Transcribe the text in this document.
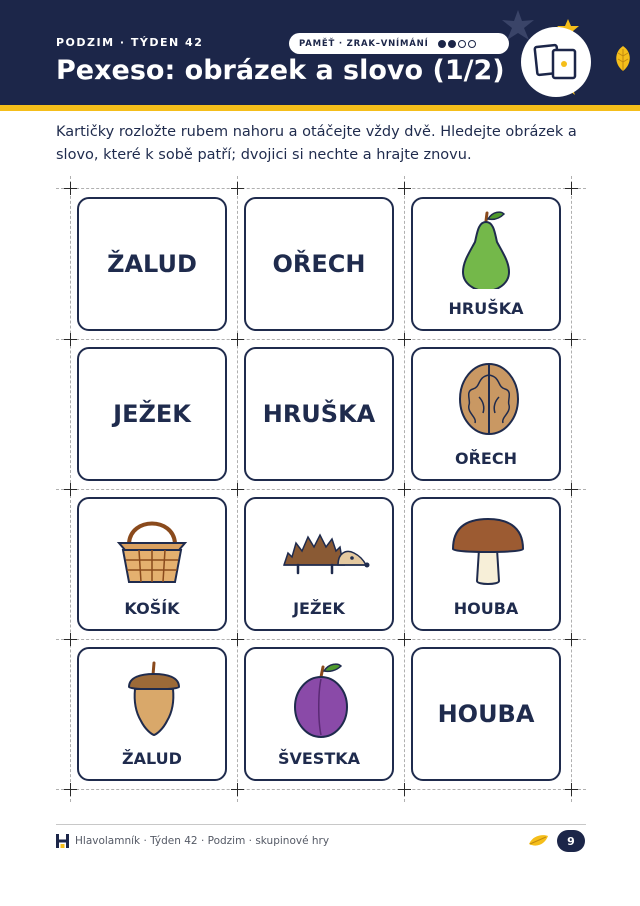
PODZIM · TÝDEN 42
Pexeso: obrázek a slovo (1/2)
PAMĚŤ · ZRAK–VNÍMÁNÍ
Kartičky rozložte rubem nahoru a otáčejte vždy dvě. Hledejte obrázek a slovo, které k sobě patří; dvojici si nechte a hrajte znovu.
ŽALUD	OŘECH
HRUŠKA
JEŽEK	HRUŠKA
OŘECH
KOŠÍK	JEŽEK	HOUBA
ŽALUD	ŠVESTKA
HOUBA
Hlavolamník · Týden 42 · Podzim · skupinové hry	9
